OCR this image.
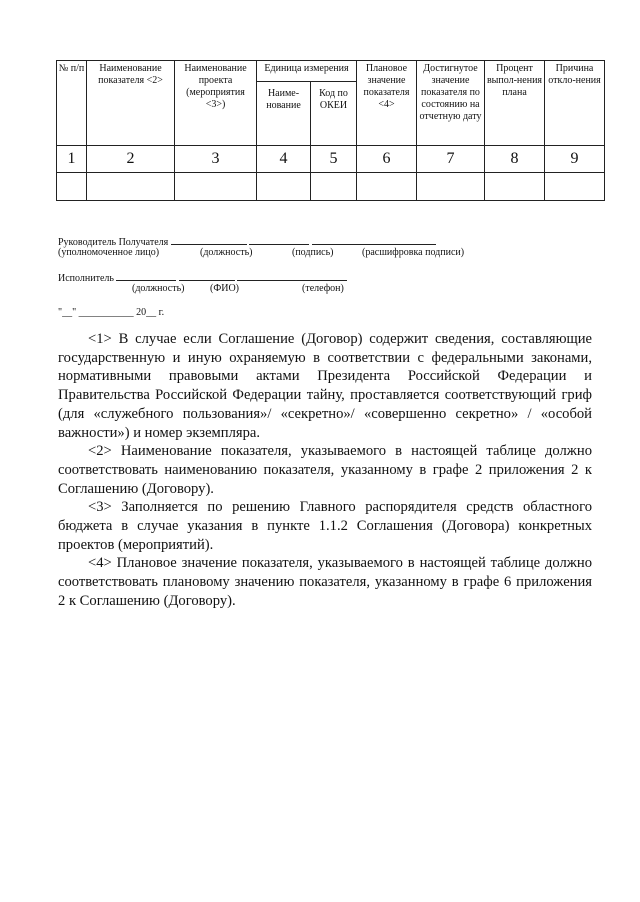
№ п/п	Наименование показателя <2>	Наименование проекта (мероприятия <3>)	Единица измерения		Плановое значение показателя <4>	Достигнутое значение показателя по состоянию на отчетную дату	Процент выпол-нения плана	Причина откло-нения
			Наиме-нование	Код по ОКЕИ				
1	2	3	4	5	6	7	8	9

Руководитель Получателя
(уполномоченное лицо)	(должность)	(подпись)	(расшифровка подписи)
Исполнитель
(должность)	(ФИО)	(телефон)
"__" ___________ 20__ г.

<1> В случае если Соглашение (Договор) содержит сведения, составляющие государственную и иную охраняемую в соответствии с федеральными законами, нормативными правовыми актами Президента Российской Федерации и Правительства Российской Федерации тайну, проставляется соответствующий гриф (для «служебного пользования»/ «секретно»/ «совершенно секретно» / «особой важности») и номер экземпляра.

<2> Наименование показателя, указываемого в настоящей таблице должно соответствовать наименованию показателя, указанному в графе 2 приложения 2 к Соглашению (Договору).

<3> Заполняется по решению Главного распорядителя средств областного бюджета в случае указания в пункте 1.1.2 Соглашения (Договора) конкретных проектов (мероприятий).

<4> Плановое значение показателя, указываемого в настоящей таблице должно соответствовать плановому значению показателя, указанному в графе 6 приложения 2 к Соглашению (Договору).
